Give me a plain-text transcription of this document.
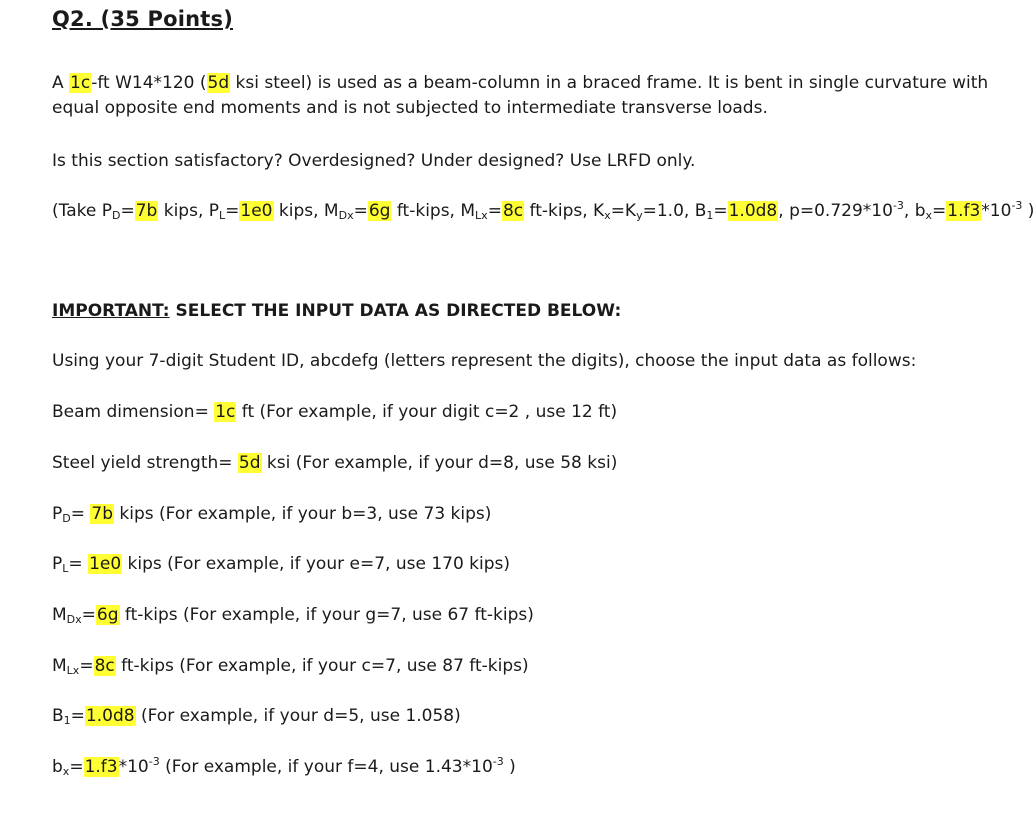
Q2. (35 Points)
A 1c-ft W14*120 (5d ksi steel) is used as a beam-column in a braced frame. It is bent in single curvature with equal opposite end moments and is not subjected to intermediate transverse loads.
Is this section satisfactory? Overdesigned? Under designed? Use LRFD only.
(Take $P_D=7b$ kips, $P_L=1e0$ kips, $M_{Dx}=6g$ ft-kips, $M_{Lx}=8c$ ft-kips, $K_x=K_y=1.0$, $B_1=1.0d8$, $p=0.729*10^{-3}$, $b_x=1.f3*10^{-3}$ )
IMPORTANT: SELECT THE INPUT DATA AS DIRECTED BELOW:
Using your 7-digit Student ID, abcdefg (letters represent the digits), choose the input data as follows:
Beam dimension= 1c ft (For example, if your digit c=2 , use 12 ft)
Steel yield strength= 5d ksi (For example, if your d=8, use 58 ksi)
$P_D= 7b$ kips (For example, if your b=3, use 73 kips)
$P_L= 1e0$ kips (For example, if your e=7, use 170 kips)
$M_{Dx}=6g$ ft-kips (For example, if your g=7, use 67 ft-kips)
$M_{Lx}=8c$ ft-kips (For example, if your c=7, use 87 ft-kips)
$B_1=1.0d8$ (For example, if your d=5, use 1.058)
$b_x=1.f3*10^{-3}$ (For example, if your f=4, use $1.43*10^{-3}$ )
